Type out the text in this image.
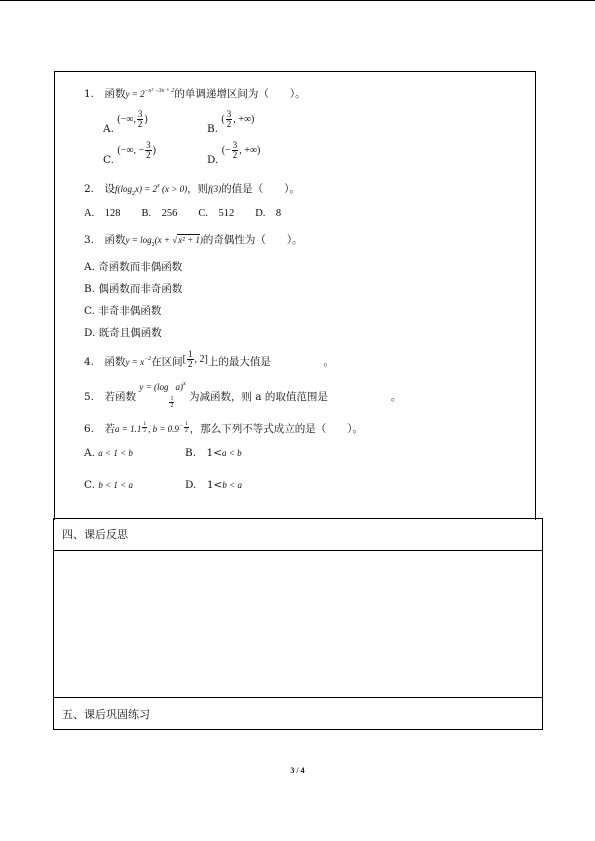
1.　函数$y = 2^{-x^2 -3x + 2}$的单调递增区间为（　　）。
A. (−∞, $\frac{3}{2}$ )
B. ( $\frac{3}{2}$ , +∞)
C. (−∞, − $\frac{3}{2}$ )
D. (− $\frac{3}{2}$ , +∞)
2.　设$f(\log_2x) = 2^x$ (x > 0)，则f(3)的值是（　　）。
A.　128　　B.　256　　C.　512　　D.　8
3.　函数$y = \log_2(x + √x^2 + 1)$的奇偶性为（　　）。
A. 奇函数而非偶函数
B. 偶函数而非奇函数
C. 非奇非偶函数
D. 既奇且偶函数
4.　函数$y = x^{-2}$在区间[ $\frac{1}{2}$ , 2]上的最大值是　　　　　。
5.　若函数 y = (log
$\frac{1}{2}$
a)$^x$ 为减函数，则 a 的取值范围是　　　　　　。
6.　若$a = 1.1 \frac{1}{2}$ , $b = 0.9^- \frac{1}{2}$ ，那么下列不等式成立的是（　　）。
A. a < 1 < b	B.　1<a < b
C. b < 1 < a	D.　1<b < a
四、课后反思
五、课后巩固练习
3 / 4
